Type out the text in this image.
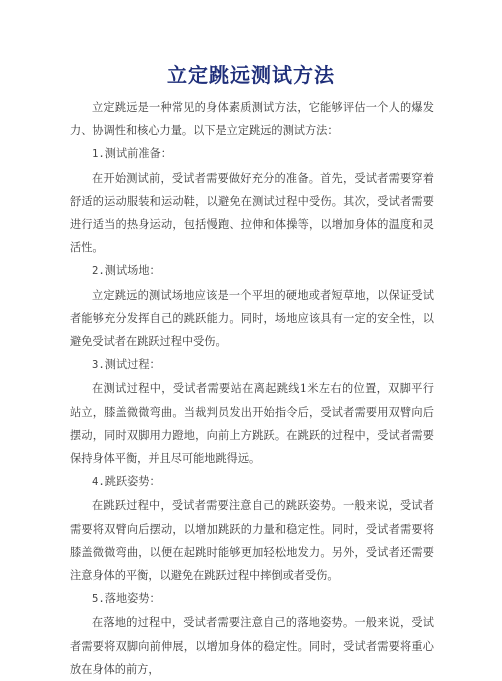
立定跳远测试方法

立定跳远是一种常见的身体素质测试方法，它能够评估一个人的爆发力、协调性和核心力量。以下是立定跳远的测试方法：

1.测试前准备：

在开始测试前，受试者需要做好充分的准备。首先，受试者需要穿着舒适的运动服装和运动鞋，以避免在测试过程中受伤。其次，受试者需要进行适当的热身运动，包括慢跑、拉伸和体操等，以增加身体的温度和灵活性。

2.测试场地：

立定跳远的测试场地应该是一个平坦的硬地或者短草地，以保证受试者能够充分发挥自己的跳跃能力。同时，场地应该具有一定的安全性，以避免受试者在跳跃过程中受伤。

3.测试过程：

在测试过程中，受试者需要站在离起跳线1米左右的位置，双脚平行站立，膝盖微微弯曲。当裁判员发出开始指令后，受试者需要用双臂向后摆动，同时双脚用力蹬地，向前上方跳跃。在跳跃的过程中，受试者需要保持身体平衡，并且尽可能地跳得远。

4.跳跃姿势：

在跳跃过程中，受试者需要注意自己的跳跃姿势。一般来说，受试者需要将双臂向后摆动，以增加跳跃的力量和稳定性。同时，受试者需要将膝盖微微弯曲，以便在起跳时能够更加轻松地发力。另外，受试者还需要注意身体的平衡，以避免在跳跃过程中摔倒或者受伤。

5.落地姿势：

在落地的过程中，受试者需要注意自己的落地姿势。一般来说，受试者需要将双脚向前伸展，以增加身体的稳定性。同时，受试者需要将重心放在身体的前方，
